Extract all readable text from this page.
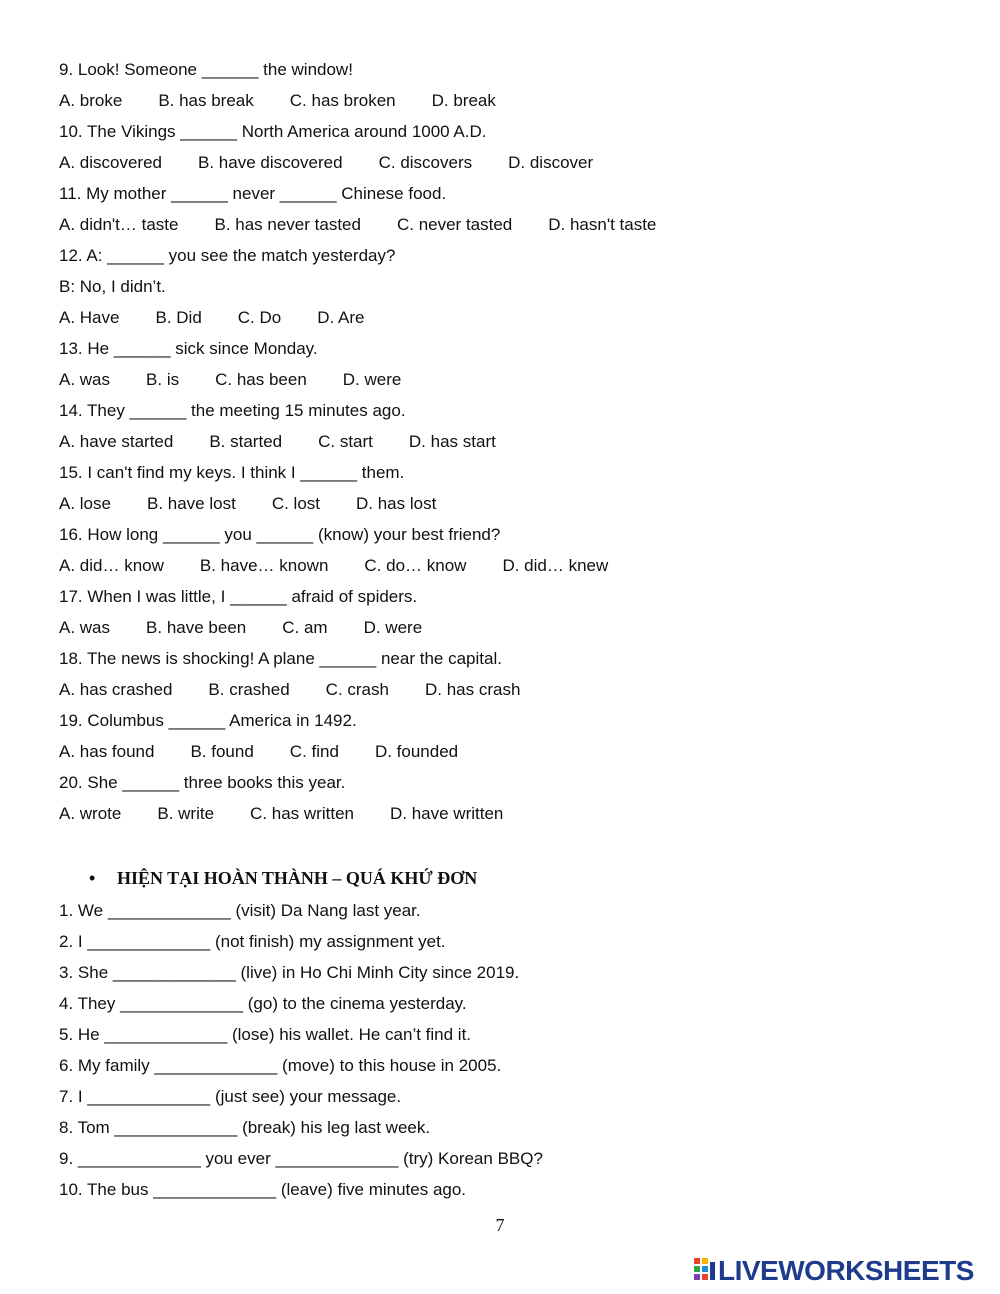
9. Look! Someone ______ the window!
A. broke B. has break C. has broken D. break
10. The Vikings ______ North America around 1000 A.D.
A. discovered B. have discovered C. discovers D. discover
11. My mother ______ never ______ Chinese food.
A. didn't… taste B. has never tasted C. never tasted D. hasn't taste
12. A: ______ you see the match yesterday?
B: No, I didn’t.
A. Have B. Did C. Do D. Are
13. He ______ sick since Monday.
A. was B. is C. has been D. were
14. They ______ the meeting 15 minutes ago.
A. have started B. started C. start D. has start
15. I can't find my keys. I think I ______ them.
A. lose B. have lost C. lost D. has lost
16. How long ______ you ______ (know) your best friend?
A. did… know B. have… known C. do… know D. did… knew
17. When I was little, I ______ afraid of spiders.
A. was B. have been C. am D. were
18. The news is shocking! A plane ______ near the capital.
A. has crashed B. crashed C. crash D. has crash
19. Columbus ______ America in 1492.
A. has found B. found C. find D. founded
20. She ______ three books this year.
A. wrote B. write C. has written D. have written
• HIỆN TẠI HOÀN THÀNH – QUÁ KHỨ ĐƠN
1. We _____________ (visit) Da Nang last year.
2. I _____________ (not finish) my assignment yet.
3. She _____________ (live) in Ho Chi Minh City since 2019.
4. They _____________ (go) to the cinema yesterday.
5. He _____________ (lose) his wallet. He can’t find it.
6. My family _____________ (move) to this house in 2005.
7. I _____________ (just see) your message.
8. Tom _____________ (break) his leg last week.
9. _____________ you ever _____________ (try) Korean BBQ?
10. The bus _____________ (leave) five minutes ago.
7
LIVEWORKSHEETS
